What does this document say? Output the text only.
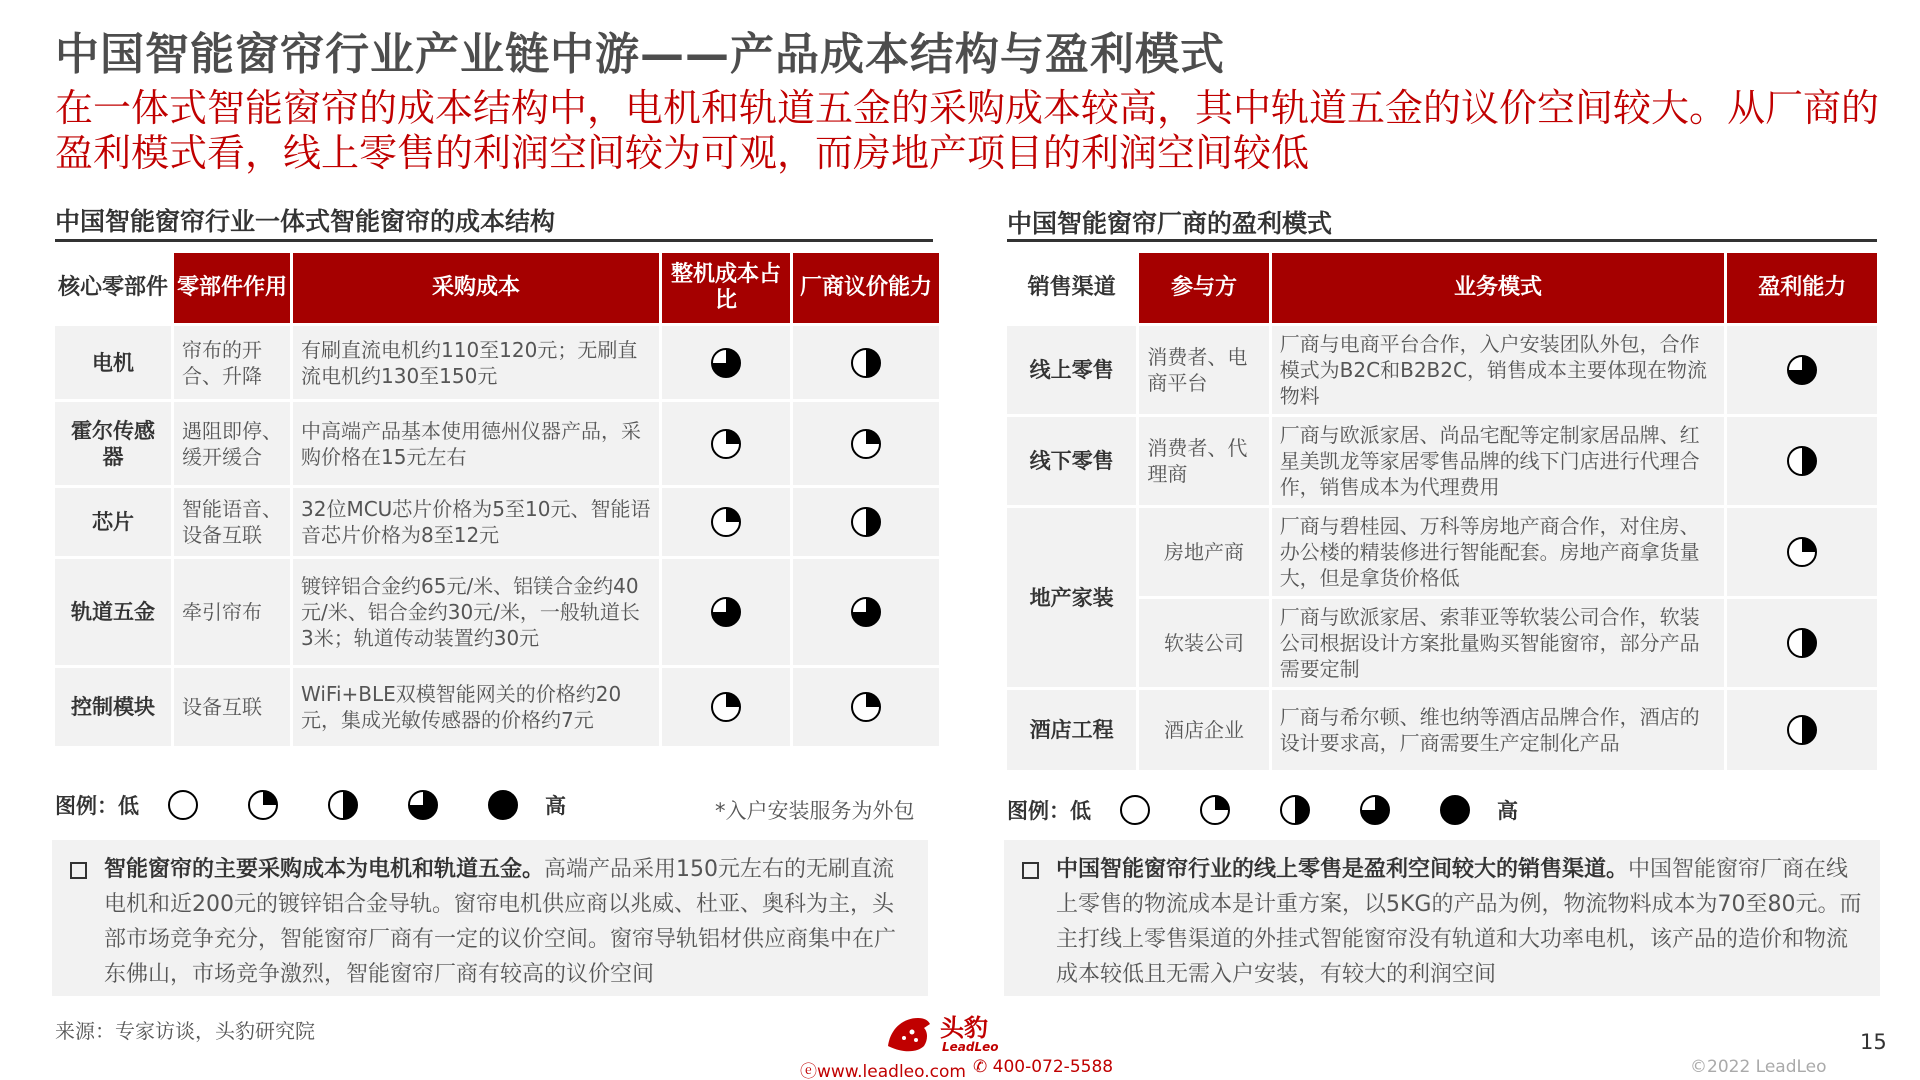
中国智能窗帘行业产业链中游——产品成本结构与盈利模式
在一体式智能窗帘的成本结构中，电机和轨道五金的采购成本较高，其中轨道五金的议价空间较大。从厂商的盈利模式看，线上零售的利润空间较为可观，而房地产项目的利润空间较低
中国智能窗帘行业一体式智能窗帘的成本结构
核心零部件	零部件作用	采购成本	整机成本占比	厂商议价能力
电机	帘布的开合、升降	有刷直流电机约110至120元；无刷直流电机约130至150元		
霍尔传感器	遇阻即停、缓开缓合	中高端产品基本使用德州仪器产品，采购价格在15元左右		
芯片	智能语音、设备互联	32位MCU芯片价格为5至10元、智能语音芯片价格为8至12元		
轨道五金	牵引帘布	镀锌铝合金约65元/米、铝镁合金约40元/米、铝合金约30元/米，一般轨道长3米；轨道传动装置约30元		
控制模块	设备互联	WiFi+BLE双模智能网关的价格约20元，集成光敏传感器的价格约7元		
图例：低	高	*入户安装服务为外包
智能窗帘的主要采购成本为电机和轨道五金。高端产品采用150元左右的无刷直流电机和近200元的镀锌铝合金导轨。窗帘电机供应商以兆威、杜亚、奥科为主，头部市场竞争充分，智能窗帘厂商有一定的议价空间。窗帘导轨铝材供应商集中在广东佛山，市场竞争激烈，智能窗帘厂商有较高的议价空间
中国智能窗帘厂商的盈利模式
销售渠道	参与方	业务模式	盈利能力
线上零售	消费者、电商平台	厂商与电商平台合作，入户安装团队外包，合作模式为B2C和B2B2C，销售成本主要体现在物流物料	
线下零售	消费者、代理商	厂商与欧派家居、尚品宅配等定制家居品牌、红星美凯龙等家居零售品牌的线下门店进行代理合作，销售成本为代理费用	
地产家装	房地产商	厂商与碧桂园、万科等房地产商合作，对住房、办公楼的精装修进行智能配套。房地产商拿货量大，但是拿货价格低	
	软装公司	厂商与欧派家居、索菲亚等软装公司合作，软装公司根据设计方案批量购买智能窗帘，部分产品需要定制	
酒店工程	酒店企业	厂商与希尔顿、维也纳等酒店品牌合作，酒店的设计要求高，厂商需要生产定制化产品	
图例：低	高
中国智能窗帘行业的线上零售是盈利空间较大的销售渠道。中国智能窗帘厂商在线上零售的物流成本是计重方案，以5KG的产品为例，物流物料成本为70至80元。而主打线上零售渠道的外挂式智能窗帘没有轨道和大功率电机，该产品的造价和物流成本较低且无需入户安装，有较大的利润空间
来源：专家访谈，头豹研究院	头豹
LeadLeo
ⓔwww.leadleo.com ✆ 400-072-5588	©2022 LeadLeo
15
